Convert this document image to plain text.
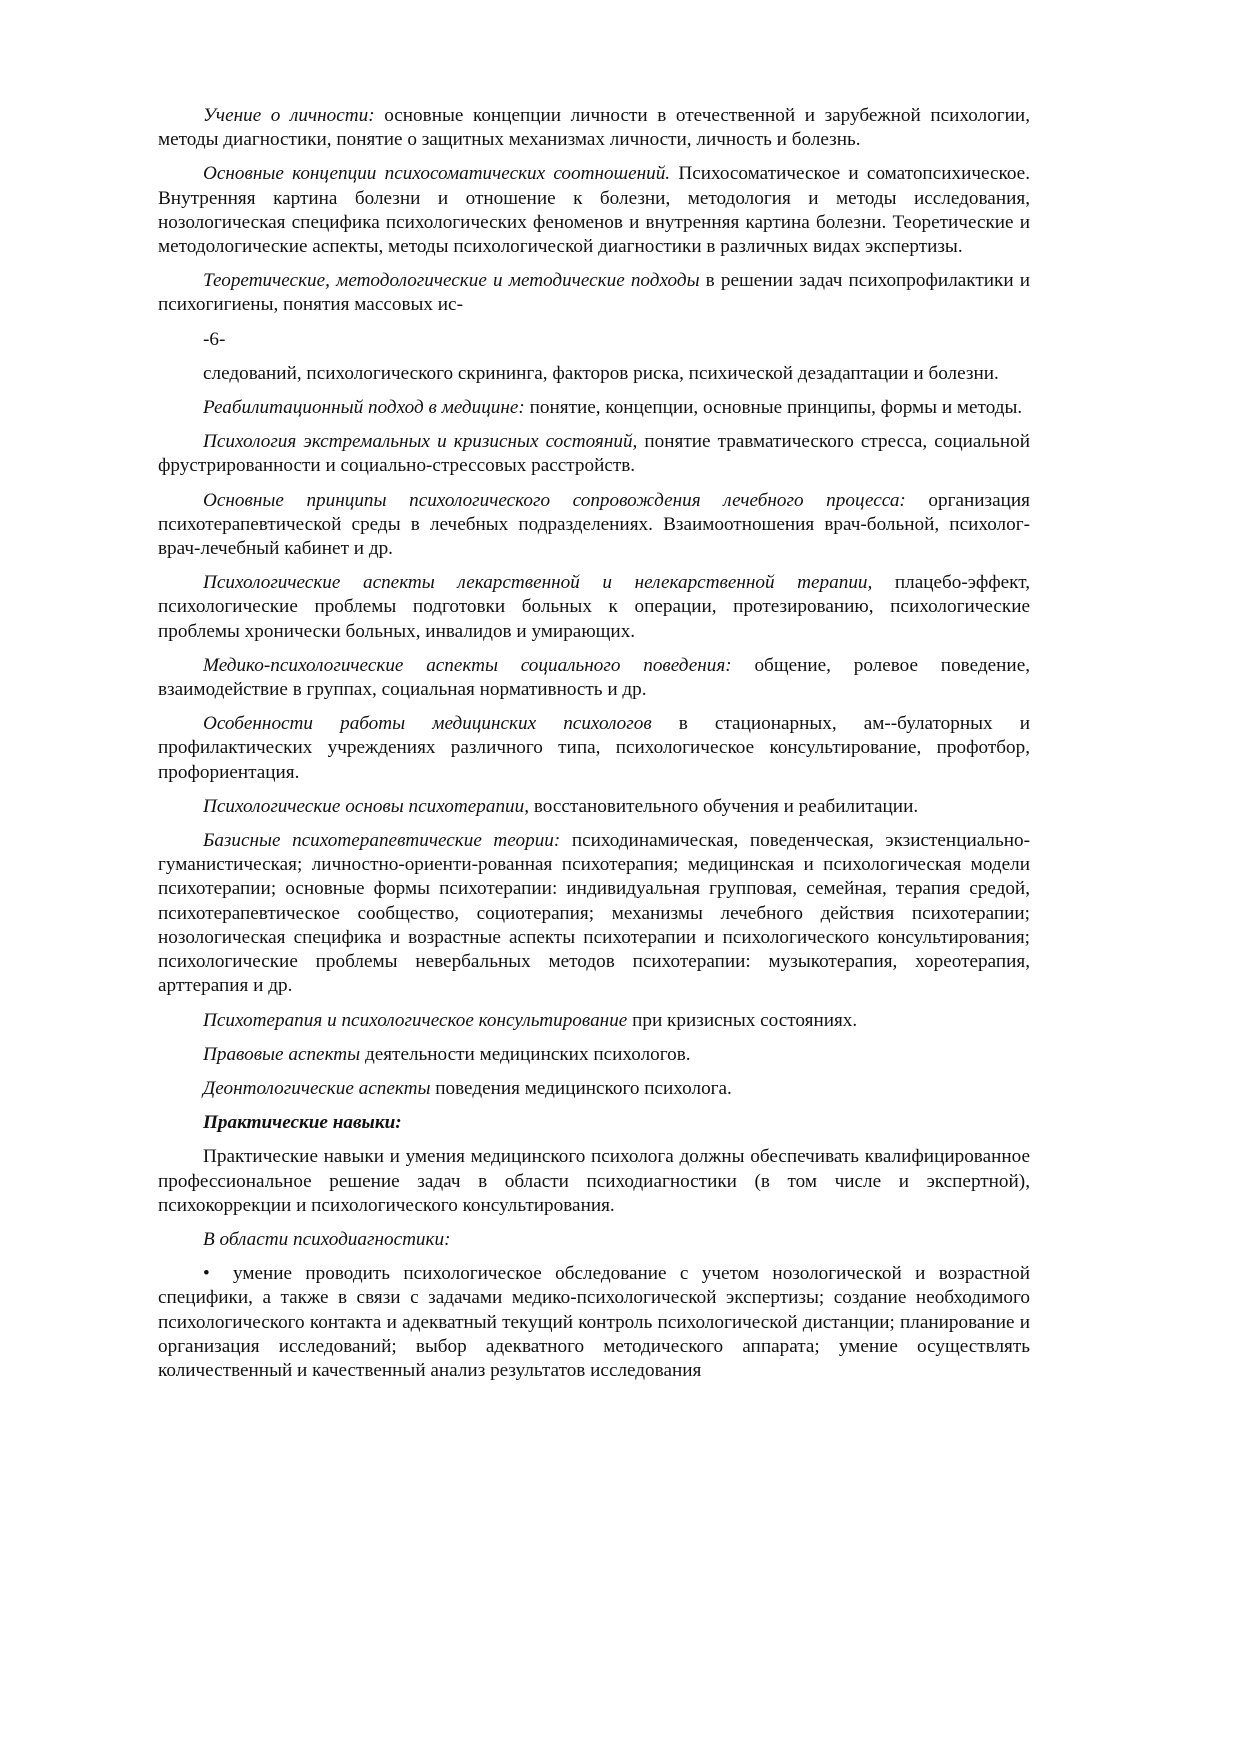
Учение о личности: основные концепции личности в отечественной и зарубежной психологии, методы диагностики, понятие о защитных механизмах личности, личность и болезнь.

Основные концепции психосоматических соотношений. Психосоматическое и соматопсихическое. Внутренняя картина болезни и отношение к болезни, методология и методы исследования, нозологическая специфика психологических феноменов и внутренняя картина болезни. Теоретические и методологические аспекты, методы психологической диагностики в различных видах экспертизы.

Теоретические, методологические и методические подходы в решении задач психопрофилактики и психогигиены, понятия массовых ис-

-6-

следований, психологического скрининга, факторов риска, психической дезадаптации и болезни.

Реабилитационный подход в медицине: понятие, концепции, основные принципы, формы и методы.

Психология экстремальных и кризисных состояний, понятие травматического стресса, социальной фрустрированности и социально-стрессовых расстройств.

Основные принципы психологического сопровождения лечебного процесса: организация психотерапевтической среды в лечебных подразделениях. Взаимоотношения врач-больной, психолог-врач-лечебный кабинет и др.

Психологические аспекты лекарственной и нелекарственной терапии, плацебо-эффект, психологические проблемы подготовки больных к операции, протезированию, психологические проблемы хронически больных, инвалидов и умирающих.

Медико-психологические аспекты социального поведения: общение, ролевое поведение, взаимодействие в группах, социальная нормативность и др.

Особенности работы медицинских психологов в стационарных, ам--булаторных и профилактических учреждениях различного типа, психологическое консультирование, профотбор, профориентация.

Психологические основы психотерапии, восстановительного обучения и реабилитации.

Базисные психотерапевтические теории: психодинамическая, поведенческая, экзистенциально-гуманистическая; личностно-ориенти-рованная психотерапия; медицинская и психологическая модели психотерапии; основные формы психотерапии: индивидуальная групповая, семейная, терапия средой, психотерапевтическое сообщество, социотерапия; механизмы лечебного действия психотерапии; нозологическая специфика и возрастные аспекты психотерапии и психологического консультирования; психологические проблемы невербальных методов психотерапии: музыкотерапия, хореотерапия, арттерапия и др.

Психотерапия и психологическое консультирование при кризисных состояниях.

Правовые аспекты деятельности медицинских психологов.

Деонтологические аспекты поведения медицинского психолога.

Практические навыки:

Практические навыки и умения медицинского психолога должны обеспечивать квалифицированное профессиональное решение задач в области психодиагностики (в том числе и экспертной), психокоррекции и психологического консультирования.

В области психодиагностики:

• умение проводить психологическое обследование с учетом нозологической и возрастной специфики, а также в связи с задачами медико-психологической экспертизы; создание необходимого психологического контакта и адекватный текущий контроль психологической дистанции; планирование и организация исследований; выбор адекватного методического аппарата; умение осуществлять количественный и качественный анализ результатов исследования
